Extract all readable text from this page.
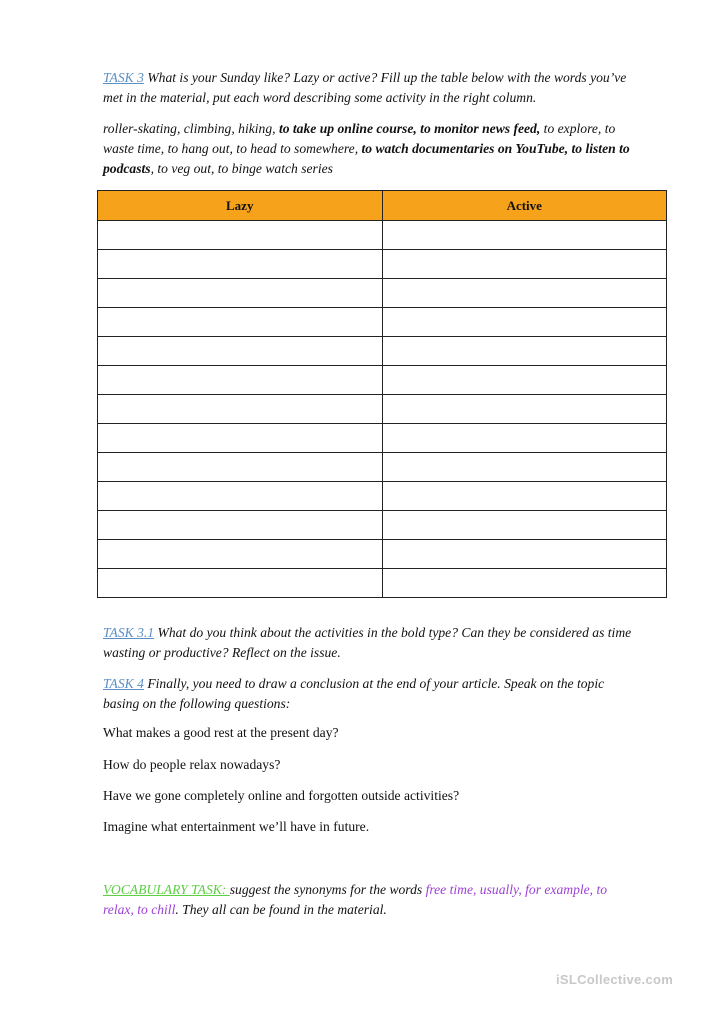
TASK 3 What is your Sunday like? Lazy or active? Fill up the table below with the words you’ve
met in the material, put each word describing some activity in the right column.
roller-skating, climbing, hiking, to take up online course, to monitor news feed, to explore, to
waste time, to hang out, to head to somewhere, to watch documentaries on YouTube, to listen to
podcasts, to veg out, to binge watch series
Lazy	Active

TASK 3.1 What do you think about the activities in the bold type? Can they be considered as time
wasting or productive? Reflect on the issue.
TASK 4 Finally, you need to draw a conclusion at the end of your article. Speak on the topic
basing on the following questions:
What makes a good rest at the present day?
How do people relax nowadays?
Have we gone completely online and forgotten outside activities?
Imagine what entertainment we’ll have in future.
VOCABULARY TASK: suggest the synonyms for the words free time, usually, for example, to
relax, to chill. They all can be found in the material.
iSLCollective.com
